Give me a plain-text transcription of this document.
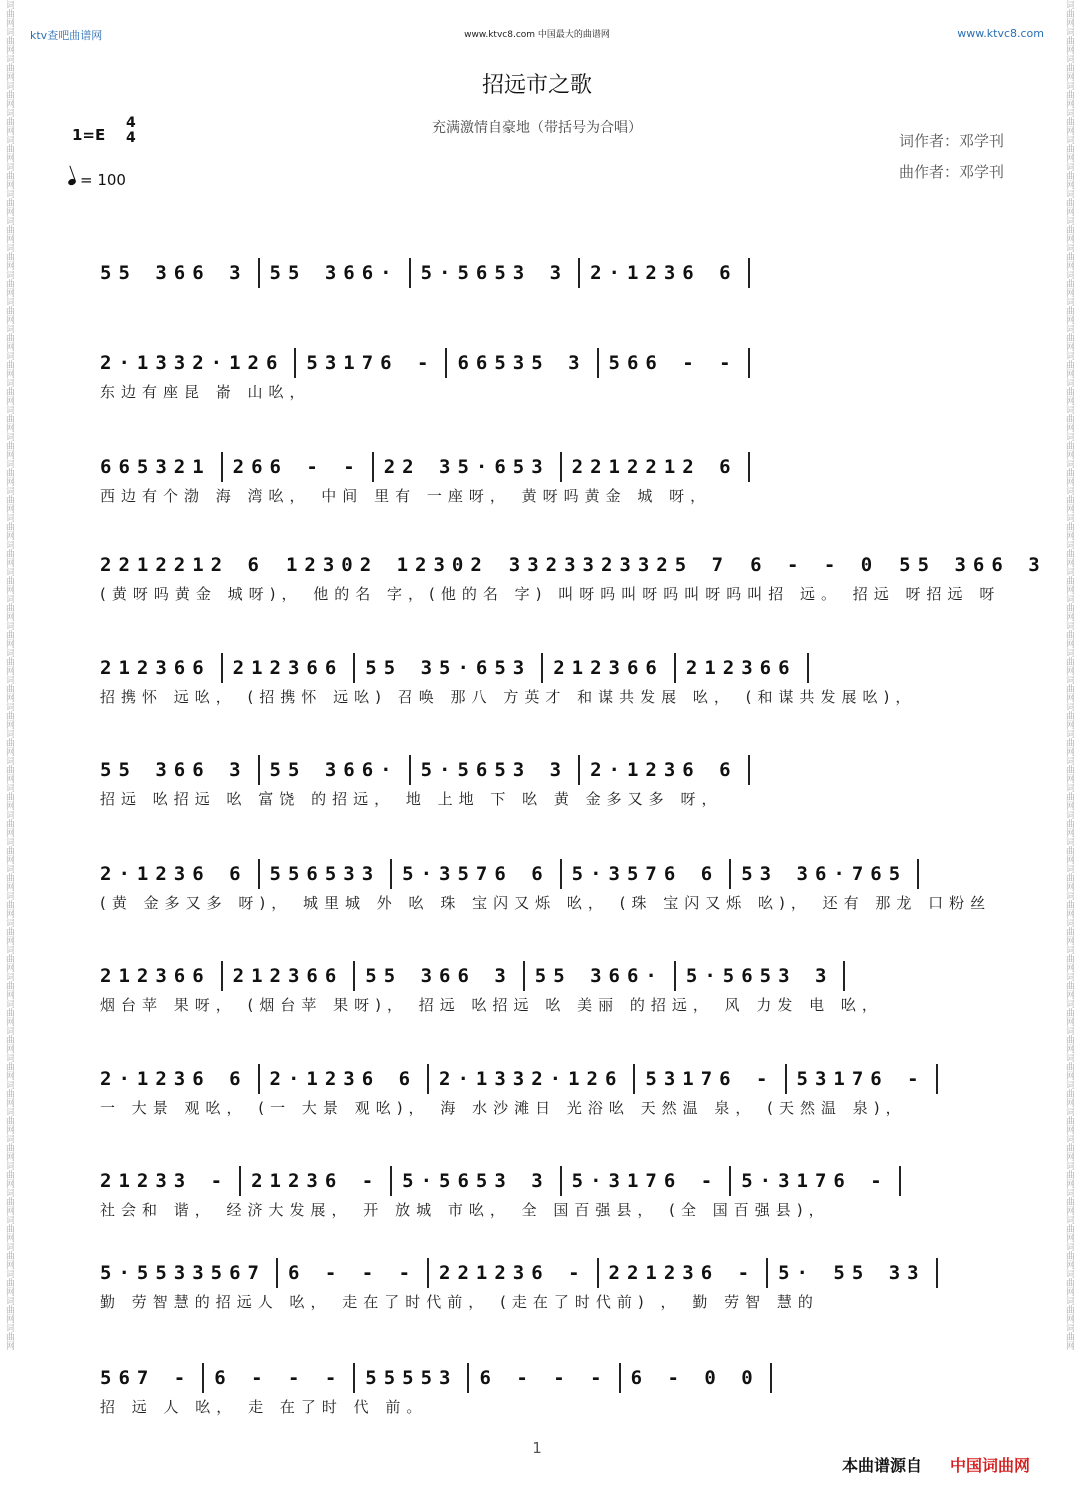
词曲网词曲网词曲网词曲网词曲网词曲网词曲网词曲网词曲网词曲网词曲网词曲网词曲网词曲网词曲网词曲网词曲网词曲网词曲网词曲网词曲网词曲网词曲网词曲网词曲网词曲网词曲网词曲网词曲网词曲网词曲网词曲网词曲网词曲网词曲网词曲网词曲网词曲网词曲网词曲网词曲网词曲网词曲网词曲网词曲网词曲网词曲网词曲网词曲网词曲网	词曲网词曲网词曲网词曲网词曲网词曲网词曲网词曲网词曲网词曲网词曲网词曲网词曲网词曲网词曲网词曲网词曲网词曲网词曲网词曲网词曲网词曲网词曲网词曲网词曲网词曲网词曲网词曲网词曲网词曲网词曲网词曲网词曲网词曲网词曲网词曲网词曲网词曲网词曲网词曲网词曲网词曲网词曲网词曲网词曲网词曲网词曲网词曲网词曲网词曲网
ktv查吧曲谱网	www.ktvc8.com 中国最大的曲谱网	www.ktvc8.com
招远市之歌
充满激情自豪地（带括号为合唱）
词作者：邓学刊
曲作者：邓学刊
1=E
4
4
= 100
55 366 3 55 366· 5·5653 3 2·1236 6
2·1332·126 53176 - 66535 3 566 - -
东边有座昆 嵛 山吆，
665321 266 - - 22 35·653 2212212 6
西边有个渤 海 湾吆， 中间 里有 一座呀， 黄呀吗黄金 城 呀，
2212212 6 12302 12302 3323323325 7 6 - - 0 55 366 3
(黄呀吗黄金 城呀)， 他的名 字，(他的名 字) 叫呀吗叫呀吗叫呀吗叫招 远。 招远 呀招远 呀
212366 212366 55 35·653 212366 212366
招携怀 远吆， (招携怀 远吆) 召唤 那八 方英才 和谋共发展 吆， (和谋共发展吆)，
55 366 3 55 366· 5·5653 3 2·1236 6
招远 吆招远 吆 富饶 的招远， 地 上地 下 吆 黄 金多又多 呀，
2·1236 6 556533 5·3576 6 5·3576 6 53 36·765
(黄 金多又多 呀)， 城里城 外 吆 珠 宝闪又烁 吆， (珠 宝闪又烁 吆)， 还有 那龙 口粉丝
212366 212366 55 366 3 55 366· 5·5653 3
烟台苹 果呀， (烟台苹 果呀)， 招远 吆招远 吆 美丽 的招远， 风 力发 电 吆，
2·1236 6 2·1236 6 2·1332·126 53176 - 53176 -
一 大景 观吆， (一 大景 观吆)， 海 水沙滩日 光浴吆 天然温 泉， (天然温 泉)，
21233 - 21236 - 5·5653 3 5·3176 - 5·3176 -
社会和 谐， 经济大发展， 开 放城 市吆， 全 国百强县， (全 国百强县)，
5·5533567 6 - - - 221236 - 221236 - 5· 55 33
勤 劳智慧的招远人 吆， 走在了时代前， (走在了时代前) ， 勤 劳智 慧的
567 - 6 - - - 55553 6 - - - 6 - 0 0
招 远 人 吆， 走 在了时 代 前。
1
本曲谱源自 中国词曲网
